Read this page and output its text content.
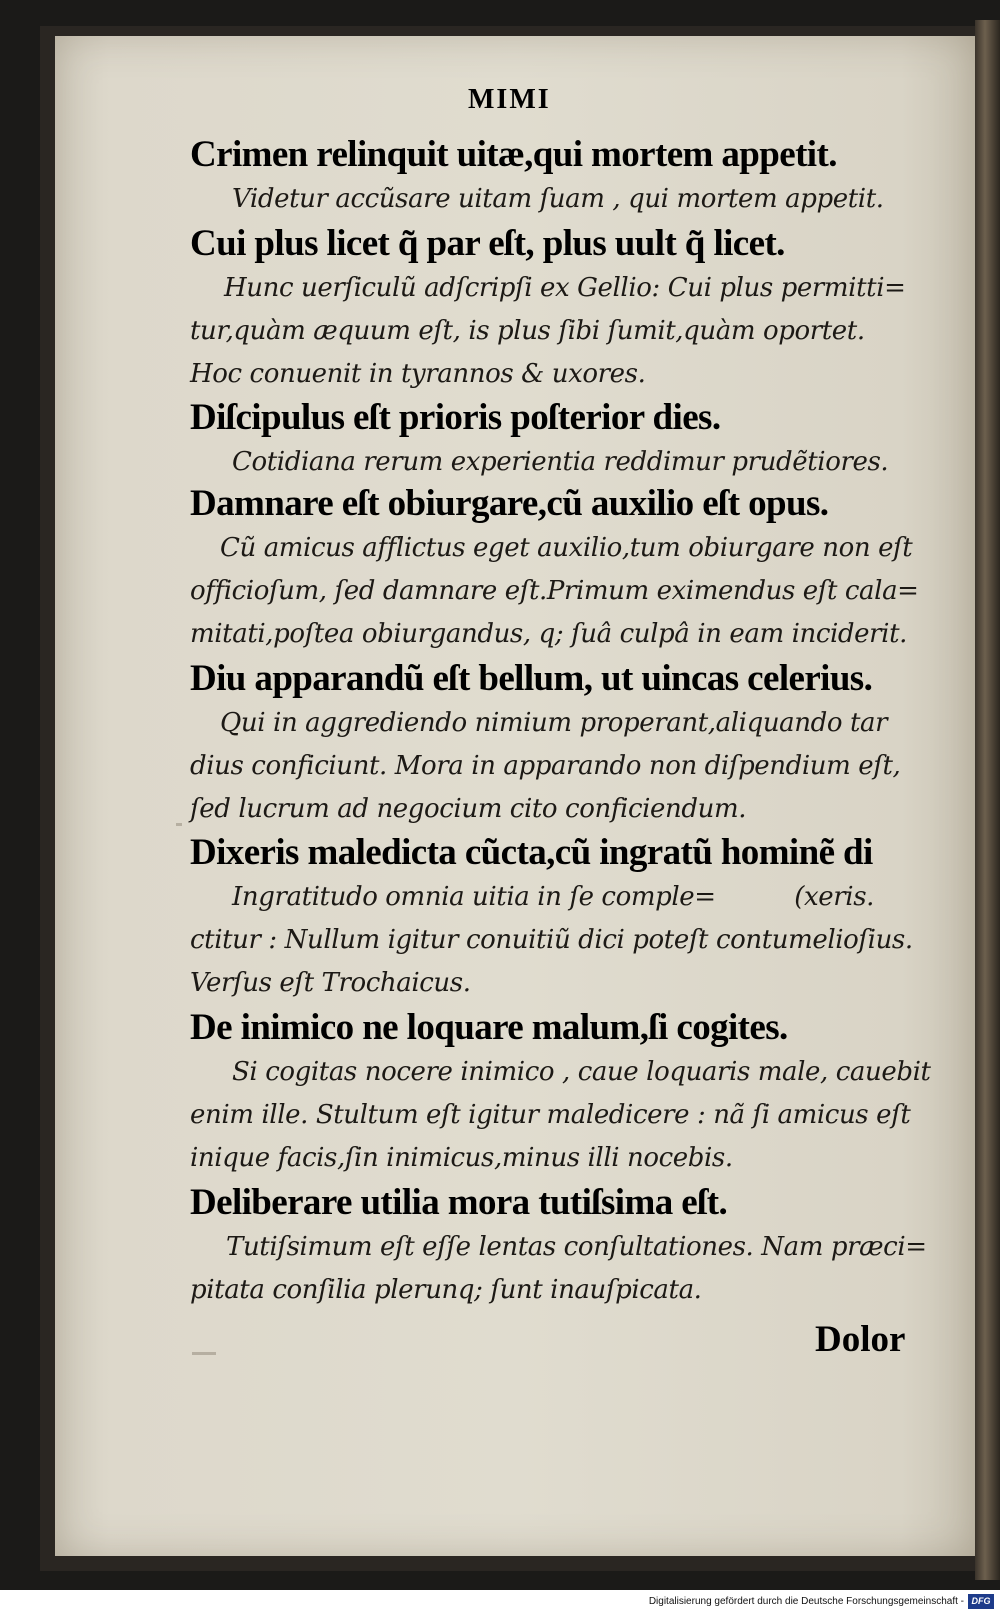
MIMI
Crimen relinquit uitæ,qui mortem appetit.
Videtur accũsare uitam ſuam , qui mortem appetit.
Cui plus licet q̃ par eſt, plus uult q̃ licet.
Hunc uerſiculũ adſcripſi ex Gellio: Cui plus permitti=
tur,quàm æquum eſt, is plus ſibi ſumit,quàm oportet.
Hoc conuenit in tyrannos & uxores.
Diſcipulus eſt prioris poſterior dies.
Cotidiana rerum experientia reddimur prudẽtiores.
Damnare eſt obiurgare,cũ auxilio eſt opus.
Cũ amicus afflictus eget auxilio,tum obiurgare non eſt
officioſum, ſed damnare eſt.Primum eximendus eſt cala=
mitati,poſtea obiurgandus, q; ſuâ culpâ in eam inciderit.
Diu apparandũ eſt bellum, ut uincas celerius.
Qui in aggrediendo nimium properant,aliquando tar
dius conficiunt. Mora in apparando non diſpendium eſt,
ſed lucrum ad negocium cito conficiendum.
Dixeris maledicta cũcta,cũ ingratũ hominẽ di
Ingratitudo omnia uitia in ſe comple=          (xeris.
ctitur : Nullum igitur conuitiũ dici poteſt contumelioſius.
Verſus eſt Trochaicus.
De inimico ne loquare malum,ſi cogites.
Si cogitas nocere inimico , caue loquaris male, cauebit
enim ille. Stultum eſt igitur maledicere : nã ſi amicus eſt
inique facis,ſin inimicus,minus illi nocebis.
Deliberare utilia mora tutiſsima eſt.
Tutiſsimum eſt eſſe lentas conſultationes. Nam præci=
pitata conſilia plerunq; ſunt inauſpicata.
Dolor
Digitalisierung gefördert durch die Deutsche Forschungsgemeinschaft - DFG
